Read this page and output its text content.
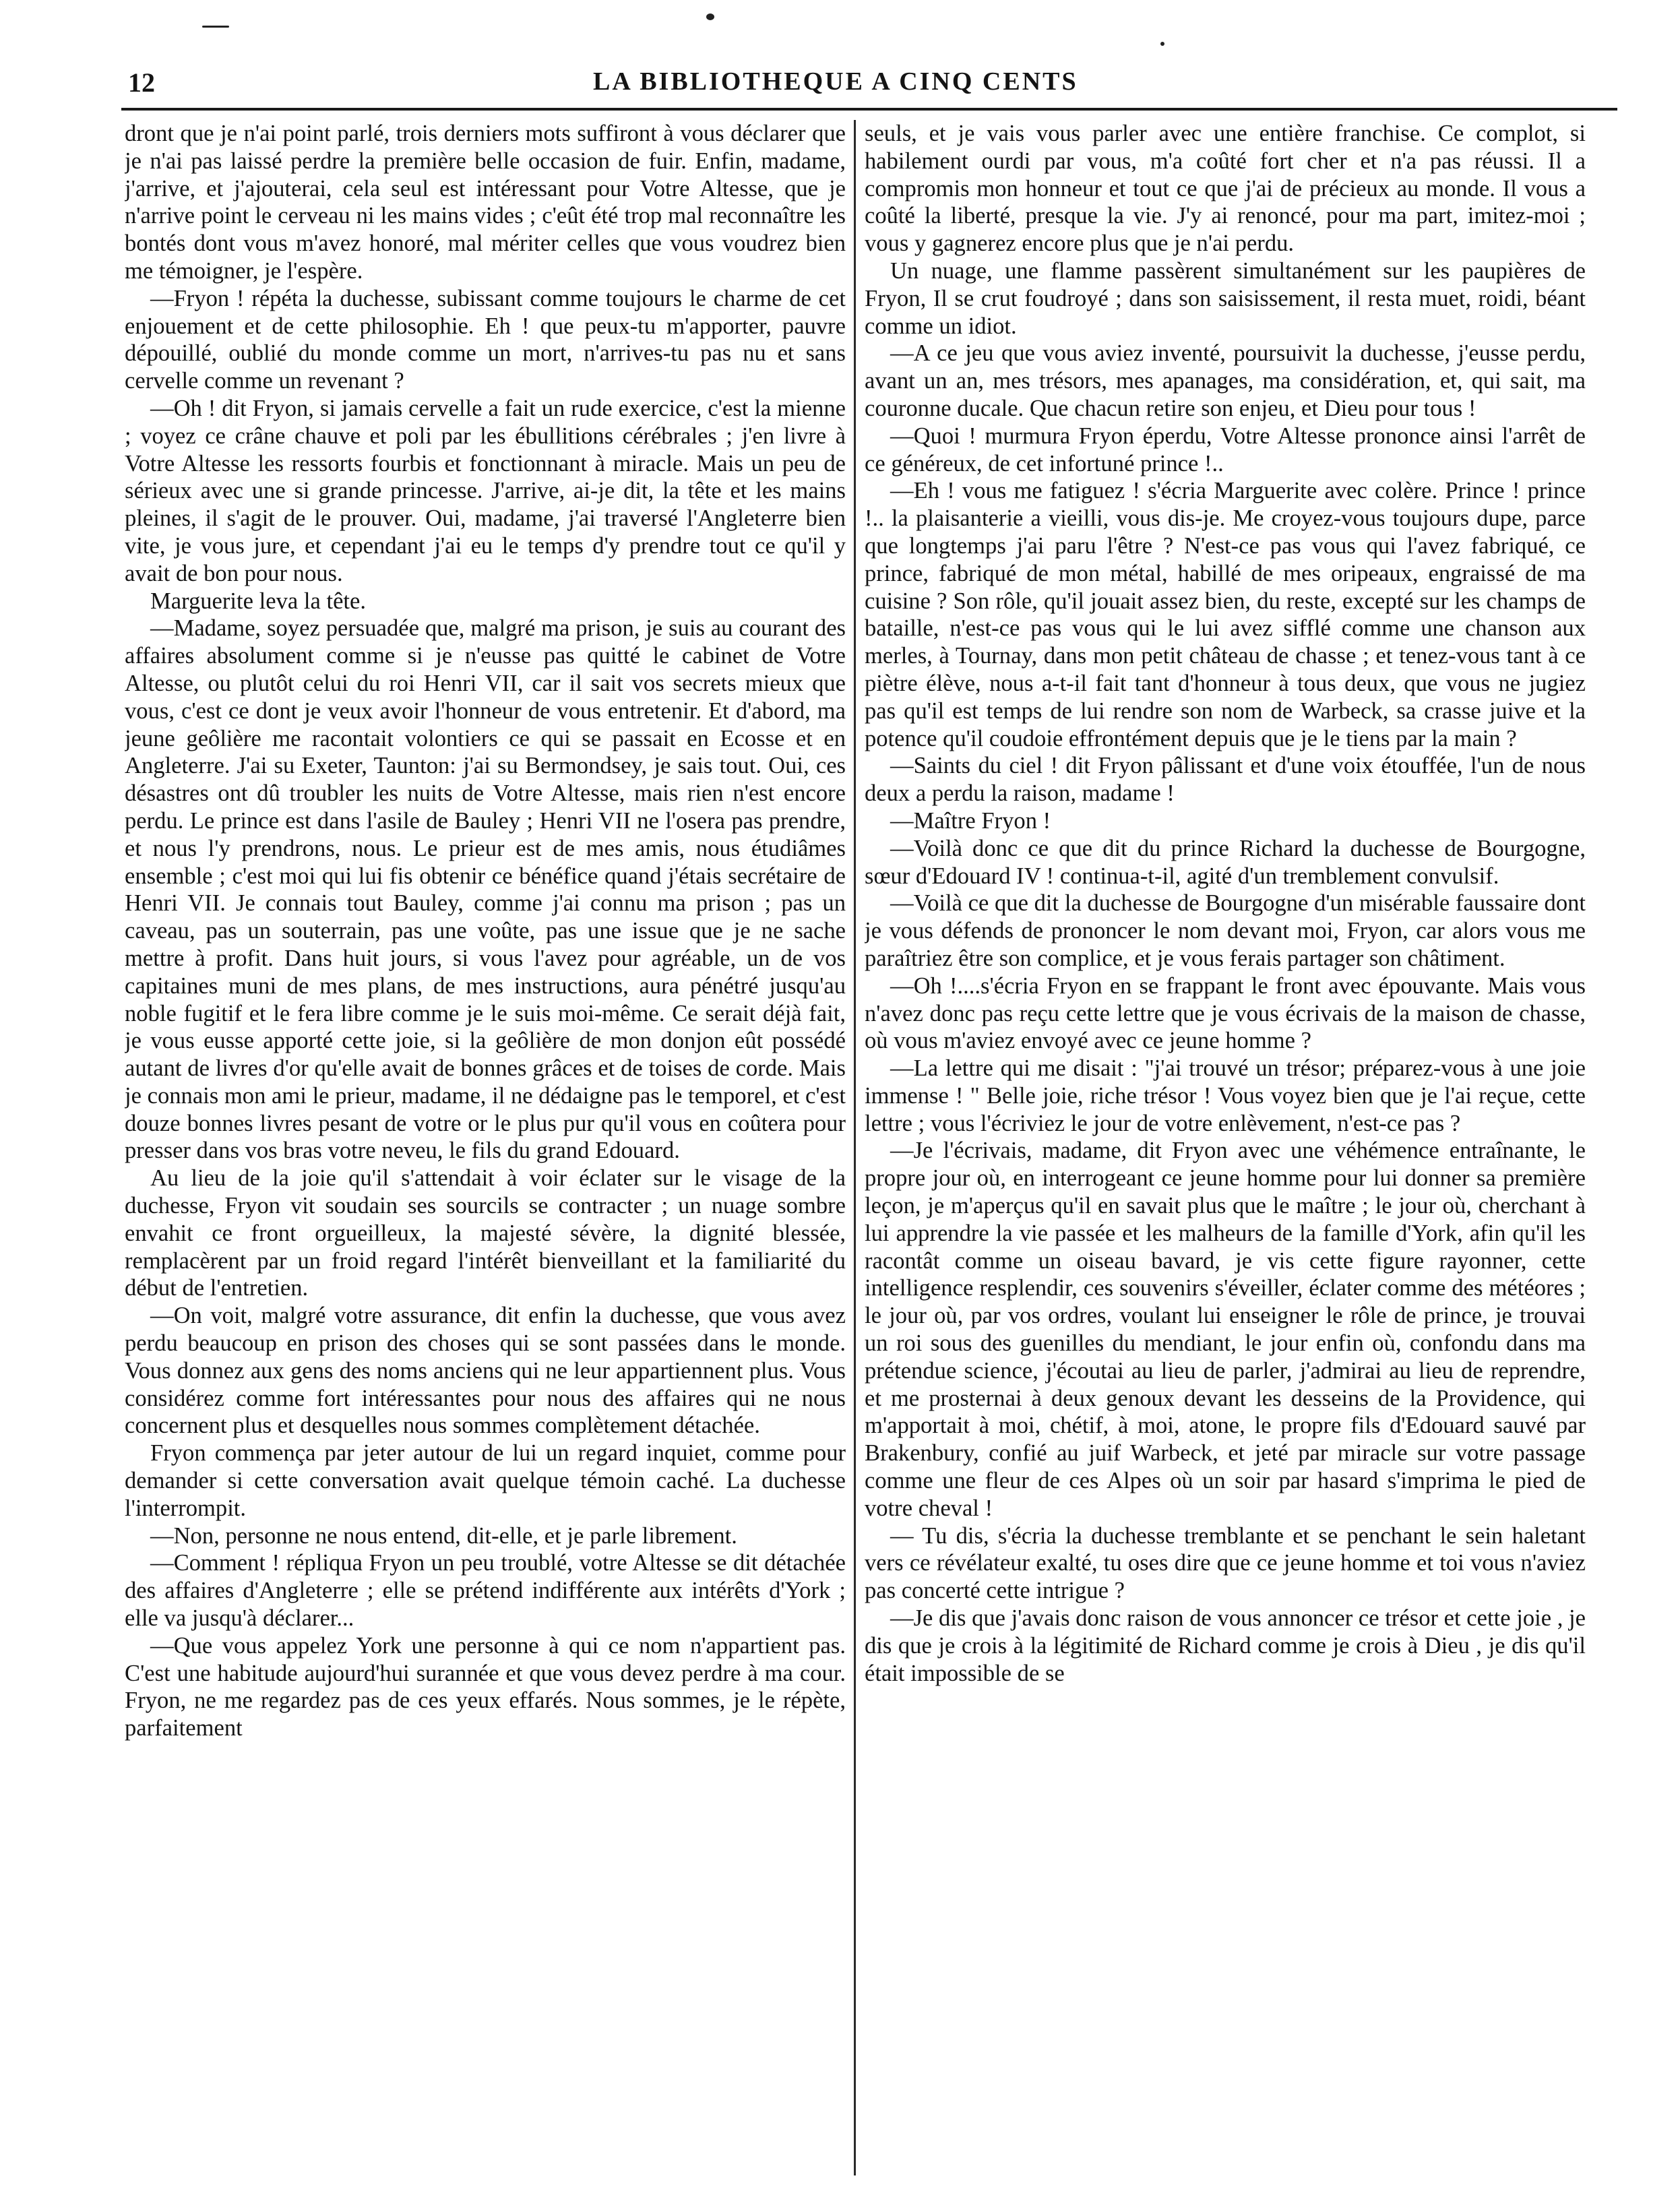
12	LA BIBLIOTHEQUE A CINQ CENTS

dront que je n'ai point parlé, trois derniers mots suffiront à vous déclarer que je n'ai pas laissé perdre la première belle occasion de fuir. Enfin, madame, j'arrive, et j'ajouterai, cela seul est intéressant pour Votre Altesse, que je n'arrive point le cerveau ni les mains vides ; c'eût été trop mal reconnaître les bontés dont vous m'avez honoré, mal mériter celles que vous voudrez bien me témoigner, je l'espère.

—Fryon ! répéta la duchesse, subissant comme toujours le charme de cet enjouement et de cette philosophie. Eh ! que peux-tu m'apporter, pauvre dépouillé, oublié du monde comme un mort, n'arrives-tu pas nu et sans cervelle comme un revenant ?

—Oh ! dit Fryon, si jamais cervelle a fait un rude exercice, c'est la mienne ; voyez ce crâne chauve et poli par les ébullitions cérébrales ; j'en livre à Votre Altesse les ressorts fourbis et fonctionnant à miracle. Mais un peu de sérieux avec une si grande princesse. J'arrive, ai-je dit, la tête et les mains pleines, il s'agit de le prouver. Oui, madame, j'ai traversé l'Angleterre bien vite, je vous jure, et cependant j'ai eu le temps d'y prendre tout ce qu'il y avait de bon pour nous.

Marguerite leva la tête.

—Madame, soyez persuadée que, malgré ma prison, je suis au courant des affaires absolument comme si je n'eusse pas quitté le cabinet de Votre Altesse, ou plutôt celui du roi Henri VII, car il sait vos secrets mieux que vous, c'est ce dont je veux avoir l'honneur de vous entretenir. Et d'abord, ma jeune geôlière me racontait volontiers ce qui se passait en Ecosse et en Angleterre. J'ai su Exeter, Taunton: j'ai su Bermondsey, je sais tout. Oui, ces désastres ont dû troubler les nuits de Votre Altesse, mais rien n'est encore perdu. Le prince est dans l'asile de Bauley ; Henri VII ne l'osera pas prendre, et nous l'y prendrons, nous. Le prieur est de mes amis, nous étudiâmes ensemble ; c'est moi qui lui fis obtenir ce bénéfice quand j'étais secrétaire de Henri VII. Je connais tout Bauley, comme j'ai connu ma prison ; pas un caveau, pas un souterrain, pas une voûte, pas une issue que je ne sache mettre à profit. Dans huit jours, si vous l'avez pour agréable, un de vos capitaines muni de mes plans, de mes instructions, aura pénétré jusqu'au noble fugitif et le fera libre comme je le suis moi-même. Ce serait déjà fait, je vous eusse apporté cette joie, si la geôlière de mon donjon eût possédé autant de livres d'or qu'elle avait de bonnes grâces et de toises de corde. Mais je connais mon ami le prieur, madame, il ne dédaigne pas le temporel, et c'est douze bonnes livres pesant de votre or le plus pur qu'il vous en coûtera pour presser dans vos bras votre neveu, le fils du grand Edouard.

Au lieu de la joie qu'il s'attendait à voir éclater sur le visage de la duchesse, Fryon vit soudain ses sourcils se contracter ; un nuage sombre envahit ce front orgueilleux, la majesté sévère, la dignité blessée, remplacèrent par un froid regard l'intérêt bienveillant et la familiarité du début de l'entretien.

—On voit, malgré votre assurance, dit enfin la duchesse, que vous avez perdu beaucoup en prison des choses qui se sont passées dans le monde. Vous donnez aux gens des noms anciens qui ne leur appartiennent plus. Vous considérez comme fort intéressantes pour nous des affaires qui ne nous concernent plus et desquelles nous sommes complètement détachée.

Fryon commença par jeter autour de lui un regard inquiet, comme pour demander si cette conversation avait quelque témoin caché. La duchesse l'interrompit.

—Non, personne ne nous entend, dit-elle, et je parle librement.

—Comment ! répliqua Fryon un peu troublé, votre Altesse se dit détachée des affaires d'Angleterre ; elle se prétend indifférente aux intérêts d'York ; elle va jusqu'à déclarer...

—Que vous appelez York une personne à qui ce nom n'appartient pas. C'est une habitude aujourd'hui surannée et que vous devez perdre à ma cour. Fryon, ne me regardez pas de ces yeux effarés. Nous sommes, je le répète, parfaitement

seuls, et je vais vous parler avec une entière franchise. Ce complot, si habilement ourdi par vous, m'a coûté fort cher et n'a pas réussi. Il a compromis mon honneur et tout ce que j'ai de précieux au monde. Il vous a coûté la liberté, presque la vie. J'y ai renoncé, pour ma part, imitez-moi ; vous y gagnerez encore plus que je n'ai perdu.

Un nuage, une flamme passèrent simultanément sur les paupières de Fryon, Il se crut foudroyé ; dans son saisissement, il resta muet, roidi, béant comme un idiot.

—A ce jeu que vous aviez inventé, poursuivit la duchesse, j'eusse perdu, avant un an, mes trésors, mes apanages, ma considération, et, qui sait, ma couronne ducale. Que chacun retire son enjeu, et Dieu pour tous !

—Quoi ! murmura Fryon éperdu, Votre Altesse prononce ainsi l'arrêt de ce généreux, de cet infortuné prince !..

—Eh ! vous me fatiguez ! s'écria Marguerite avec colère. Prince ! prince !.. la plaisanterie a vieilli, vous dis-je. Me croyez-vous toujours dupe, parce que longtemps j'ai paru l'être ? N'est-ce pas vous qui l'avez fabriqué, ce prince, fabriqué de mon métal, habillé de mes oripeaux, engraissé de ma cuisine ? Son rôle, qu'il jouait assez bien, du reste, excepté sur les champs de bataille, n'est-ce pas vous qui le lui avez sifflé comme une chanson aux merles, à Tournay, dans mon petit château de chasse ; et tenez-vous tant à ce piètre élève, nous a-t-il fait tant d'honneur à tous deux, que vous ne jugiez pas qu'il est temps de lui rendre son nom de Warbeck, sa crasse juive et la potence qu'il coudoie effrontément depuis que je le tiens par la main ?

—Saints du ciel ! dit Fryon pâlissant et d'une voix étouffée, l'un de nous deux a perdu la raison, madame !

—Maître Fryon !

—Voilà donc ce que dit du prince Richard la duchesse de Bourgogne, sœur d'Edouard IV ! continua-t-il, agité d'un tremblement convulsif.

—Voilà ce que dit la duchesse de Bourgogne d'un misérable faussaire dont je vous défends de prononcer le nom devant moi, Fryon, car alors vous me paraîtriez être son complice, et je vous ferais partager son châtiment.

—Oh !....s'écria Fryon en se frappant le front avec épouvante. Mais vous n'avez donc pas reçu cette lettre que je vous écrivais de la maison de chasse, où vous m'aviez envoyé avec ce jeune homme ?

—La lettre qui me disait : "j'ai trouvé un trésor; préparez-vous à une joie immense ! " Belle joie, riche trésor ! Vous voyez bien que je l'ai reçue, cette lettre ; vous l'écriviez le jour de votre enlèvement, n'est-ce pas ?

—Je l'écrivais, madame, dit Fryon avec une véhémence entraînante, le propre jour où, en interrogeant ce jeune homme pour lui donner sa première leçon, je m'aperçus qu'il en savait plus que le maître ; le jour où, cherchant à lui apprendre la vie passée et les malheurs de la famille d'York, afin qu'il les racontât comme un oiseau bavard, je vis cette figure rayonner, cette intelligence resplendir, ces souvenirs s'éveiller, éclater comme des météores ; le jour où, par vos ordres, voulant lui enseigner le rôle de prince, je trouvai un roi sous des guenilles du mendiant, le jour enfin où, confondu dans ma prétendue science, j'écoutai au lieu de parler, j'admirai au lieu de reprendre, et me prosternai à deux genoux devant les desseins de la Providence, qui m'apportait à moi, chétif, à moi, atone, le propre fils d'Edouard sauvé par Brakenbury, confié au juif Warbeck, et jeté par miracle sur votre passage comme une fleur de ces Alpes où un soir par hasard s'imprima le pied de votre cheval !

— Tu dis, s'écria la duchesse tremblante et se penchant le sein haletant vers ce révélateur exalté, tu oses dire que ce jeune homme et toi vous n'aviez pas concerté cette intrigue ?

—Je dis que j'avais donc raison de vous annoncer ce trésor et cette joie , je dis que je crois à la légitimité de Richard comme je crois à Dieu , je dis qu'il était impossible de se
